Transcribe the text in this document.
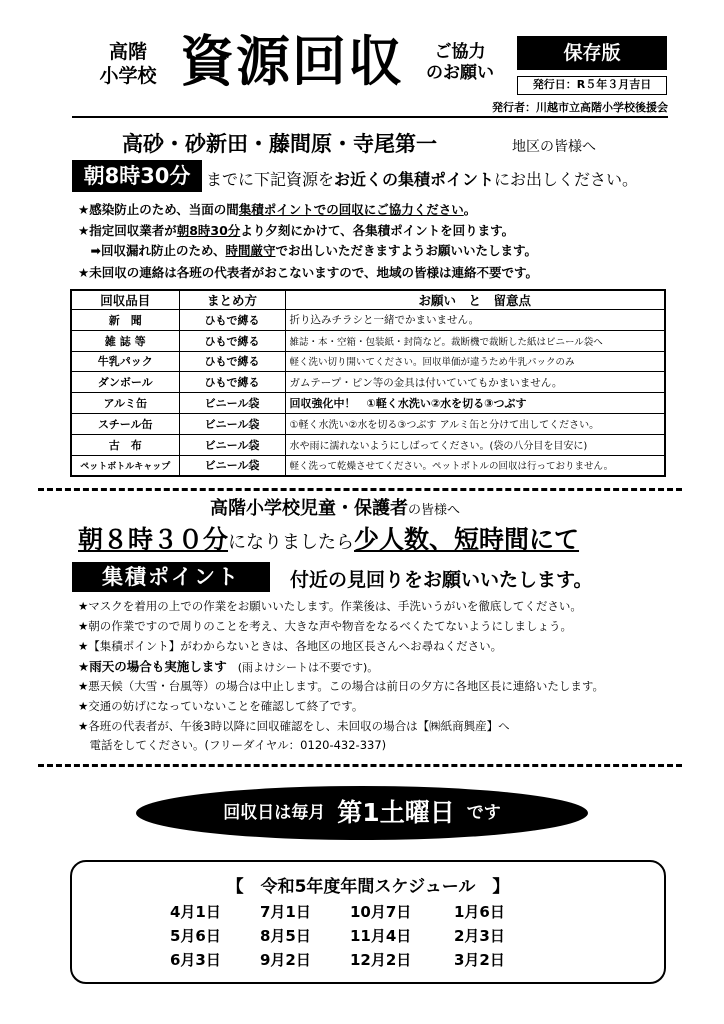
高階
小学校 資源回収	ご協力
のお願い
保存版
発行日：R５年３月吉日
発行者：川越市立高階小学校後援会
高砂・砂新田・藤間原・寺尾第一	地区の皆様へ
朝8時30分 までに下記資源をお近くの集積ポイントにお出しください。
★感染防止のため、当面の間集積ポイントでの回収にご協力ください。
★指定回収業者が朝8時30分より夕刻にかけて、各集積ポイントを回ります。
　➡回収漏れ防止のため、時間厳守でお出しいただきますようお願いいたします。
★未回収の連絡は各班の代表者がおこないますので、地域の皆様は連絡不要です。
回収品目	まとめ方	お願い　と　留意点
新　聞	ひもで縛る	折り込みチラシと一緒でかまいません。
雑 誌 等	ひもで縛る	雑誌・本・空箱・包装紙・封筒など。裁断機で裁断した紙はビニール袋へ
牛乳パック	ひもで縛る	軽く洗い切り開いてください。回収単価が違うため牛乳パックのみ
ダンボール	ひもで縛る	ガムテープ・ピン等の金具は付いていてもかまいません。
アルミ缶	ビニール袋	回収強化中！　①軽く水洗い②水を切る③つぶす
スチール缶	ビニール袋	①軽く水洗い②水を切る③つぶす アルミ缶と分けて出してください。
古　布	ビニール袋	水や雨に濡れないようにしばってください。(袋の八分目を目安に)
ペットボトルキャップ	ビニール袋	軽く洗って乾燥させてください。ペットボトルの回収は行っておりません。
高階小学校児童・保護者の皆様へ
朝８時３０分になりましたら少人数、短時間にて
集積ポイント	付近の見回りをお願いいたします。
★マスクを着用の上での作業をお願いいたします。作業後は、手洗いうがいを徹底してください。
★朝の作業ですので周りのことを考え、大きな声や物音をなるべくたてないようにしましょう。
★【集積ポイント】がわからないときは、各地区の地区長さんへお尋ねください。
★雨天の場合も実施します　(雨よけシートは不要です)。
★悪天候（大雪・台風等）の場合は中止します。この場合は前日の夕方に各地区長に連絡いたします。
★交通の妨げになっていないことを確認して終了です。
★各班の代表者が、午後3時以降に回収確認をし、未回収の場合は【㈱紙商興産】へ
　電話をしてください。(フリーダイヤル：0120-432-337)
回収日は毎月 第1土曜日 です
【　令和5年度年間スケジュール　】
4月1日	7月1日	10月7日	1月6日
5月6日	8月5日	11月4日	2月3日
6月3日	9月2日	12月2日	3月2日
